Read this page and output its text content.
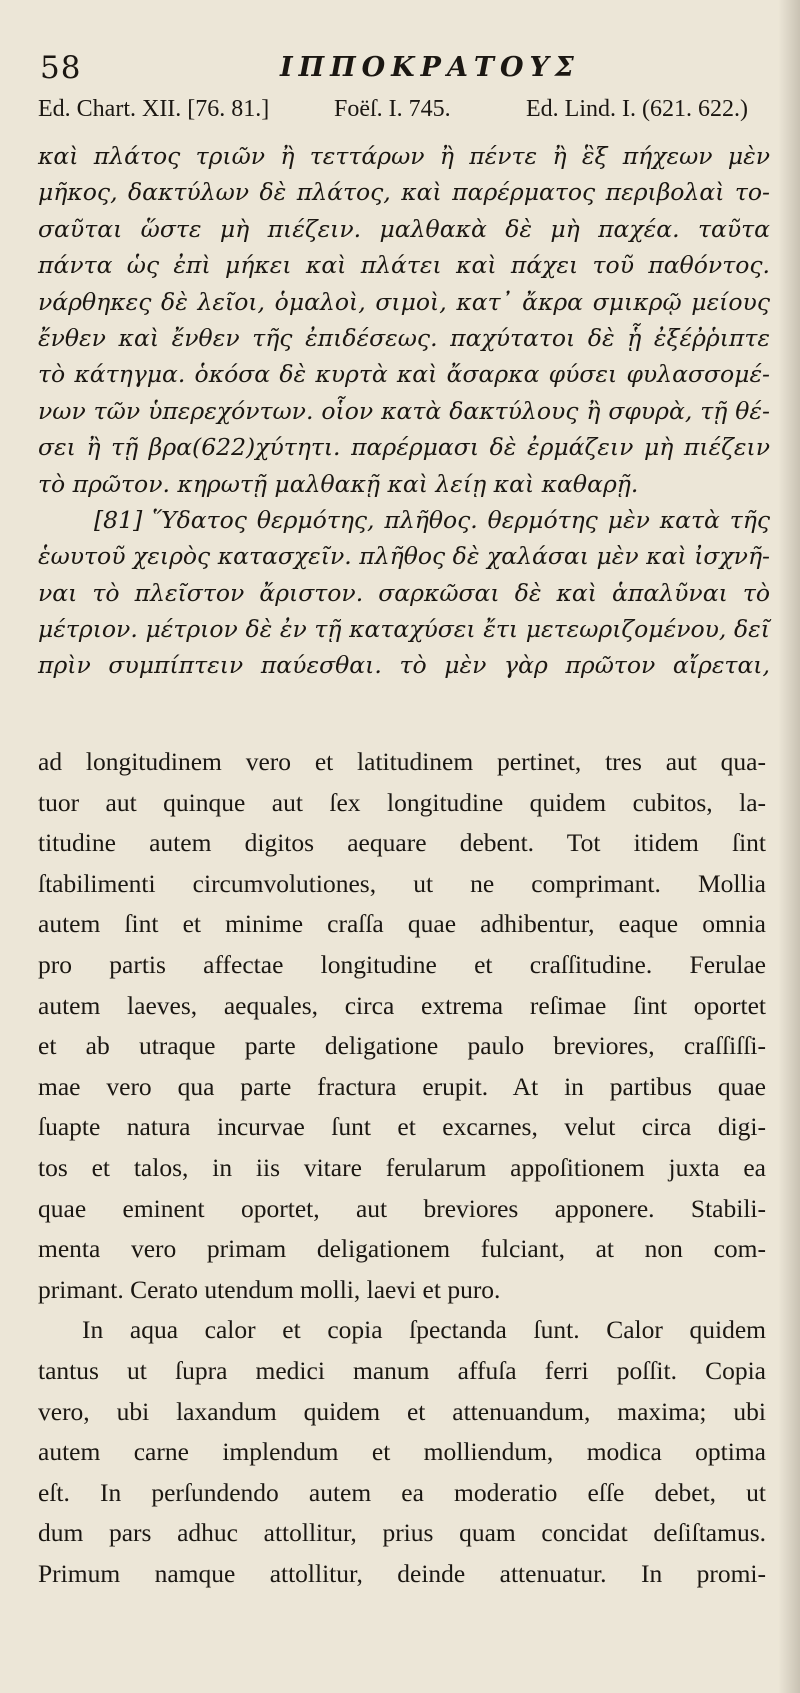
58	ΙΠΠΟΚΡΑΤΟΥΣ
Ed. Chart. XII. [76. 81.]	Foëſ. I. 745.	Ed. Lind. I. (621. 622.)
καὶ πλάτος τριῶν ἢ τεττάρων ἢ πέντε ἢ ἓξ πήχεων μὲν
μῆκος, δακτύλων δὲ πλάτος, καὶ παρέρματος περιβολαὶ το-
σαῦται ὥστε μὴ πιέζειν. μαλθακὰ δὲ μὴ παχέα. ταῦτα
πάντα ὡς ἐπὶ μήκει καὶ πλάτει καὶ πάχει τοῦ παθόντος.
νάρθηκες δὲ λεῖοι, ὁμαλοὶ, σιμοὶ, κατ᾽ ἄκρα σμικρῷ μείους
ἔνθεν καὶ ἔνθεν τῆς ἐπιδέσεως. παχύτατοι δὲ ᾗ ἐξέῤῥιπτε
τὸ κάτηγμα. ὁκόσα δὲ κυρτὰ καὶ ἄσαρκα φύσει φυλασσομέ-
νων τῶν ὑπερεχόντων. οἷον κατὰ δακτύλους ἢ σφυρὰ, τῇ θέ-
σει ἢ τῇ βρα(622)χύτητι. παρέρμασι δὲ ἐρμάζειν μὴ πιέζειν
τὸ πρῶτον. κηρωτῇ μαλθακῇ καὶ λείῃ καὶ καθαρῇ.
[81] Ὕδατος θερμότης, πλῆθος. θερμότης μὲν κατὰ τῆς
ἑωυτοῦ χειρὸς κατασχεῖν. πλῆθος δὲ χαλάσαι μὲν καὶ ἰσχνῆ-
ναι τὸ πλεῖστον ἄριστον. σαρκῶσαι δὲ καὶ ἁπαλῦναι τὸ
μέτριον. μέτριον δὲ ἐν τῇ καταχύσει ἔτι μετεωριζομένου, δεῖ
πρὶν συμπίπτειν παύεσθαι. τὸ μὲν γὰρ πρῶτον αἴρεται,
ad longitudinem vero et latitudinem pertinet, tres aut qua-
tuor aut quinque aut ſex longitudine quidem cubitos, la-
titudine autem digitos aequare debent. Tot itidem ſint
ſtabilimenti circumvolutiones, ut ne comprimant. Mollia
autem ſint et minime craſſa quae adhibentur, eaque omnia
pro partis affectae longitudine et craſſitudine. Ferulae
autem laeves, aequales, circa extrema reſimae ſint oportet
et ab utraque parte deligatione paulo breviores, craſſiſſi-
mae vero qua parte fractura erupit. At in partibus quae
ſuapte natura incurvae ſunt et excarnes, velut circa digi-
tos et talos, in iis vitare ferularum appoſitionem juxta ea
quae eminent oportet, aut breviores apponere. Stabili-
menta vero primam deligationem fulciant, at non com-
primant. Cerato utendum molli, laevi et puro.
In aqua calor et copia ſpectanda ſunt. Calor quidem
tantus ut ſupra medici manum affuſa ferri poſſit. Copia
vero, ubi laxandum quidem et attenuandum, maxima; ubi
autem carne implendum et molliendum, modica optima
eſt. In perſundendo autem ea moderatio eſſe debet, ut
dum pars adhuc attollitur, prius quam concidat deſiſtamus.
Primum namque attollitur, deinde attenuatur. In promi-
